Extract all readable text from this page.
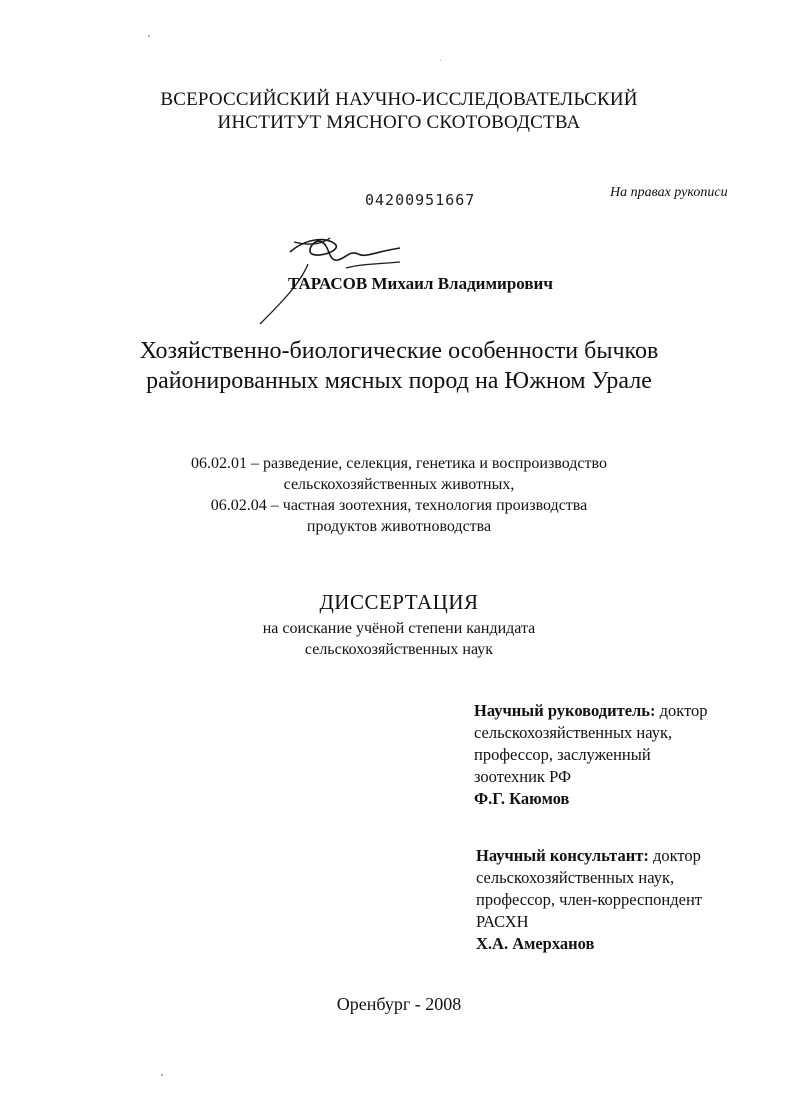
ВСЕРОССИЙСКИЙ НАУЧНО-ИССЛЕДОВАТЕЛЬСКИЙ
ИНСТИТУТ МЯСНОГО СКОТОВОДСТВА
04200951667	На правах рукописи
ТАРАСОВ Михаил Владимирович
Хозяйственно-биологические особенности бычков
районированных мясных пород на Южном Урале
06.02.01 – разведение, селекция, генетика и воспроизводство
сельскохозяйственных животных,
06.02.04 – частная зоотехния, технология производства
продуктов животноводства
ДИССЕРТАЦИЯ
на соискание учёной степени кандидата
сельскохозяйственных наук
Научный руководитель: доктор
сельскохозяйственных наук,
профессор, заслуженный
зоотехник РФ
Ф.Г. Каюмов
Научный консультант: доктор
сельскохозяйственных наук,
профессор, член-корреспондент
РАСХН
Х.А. Амерханов
Оренбург - 2008
